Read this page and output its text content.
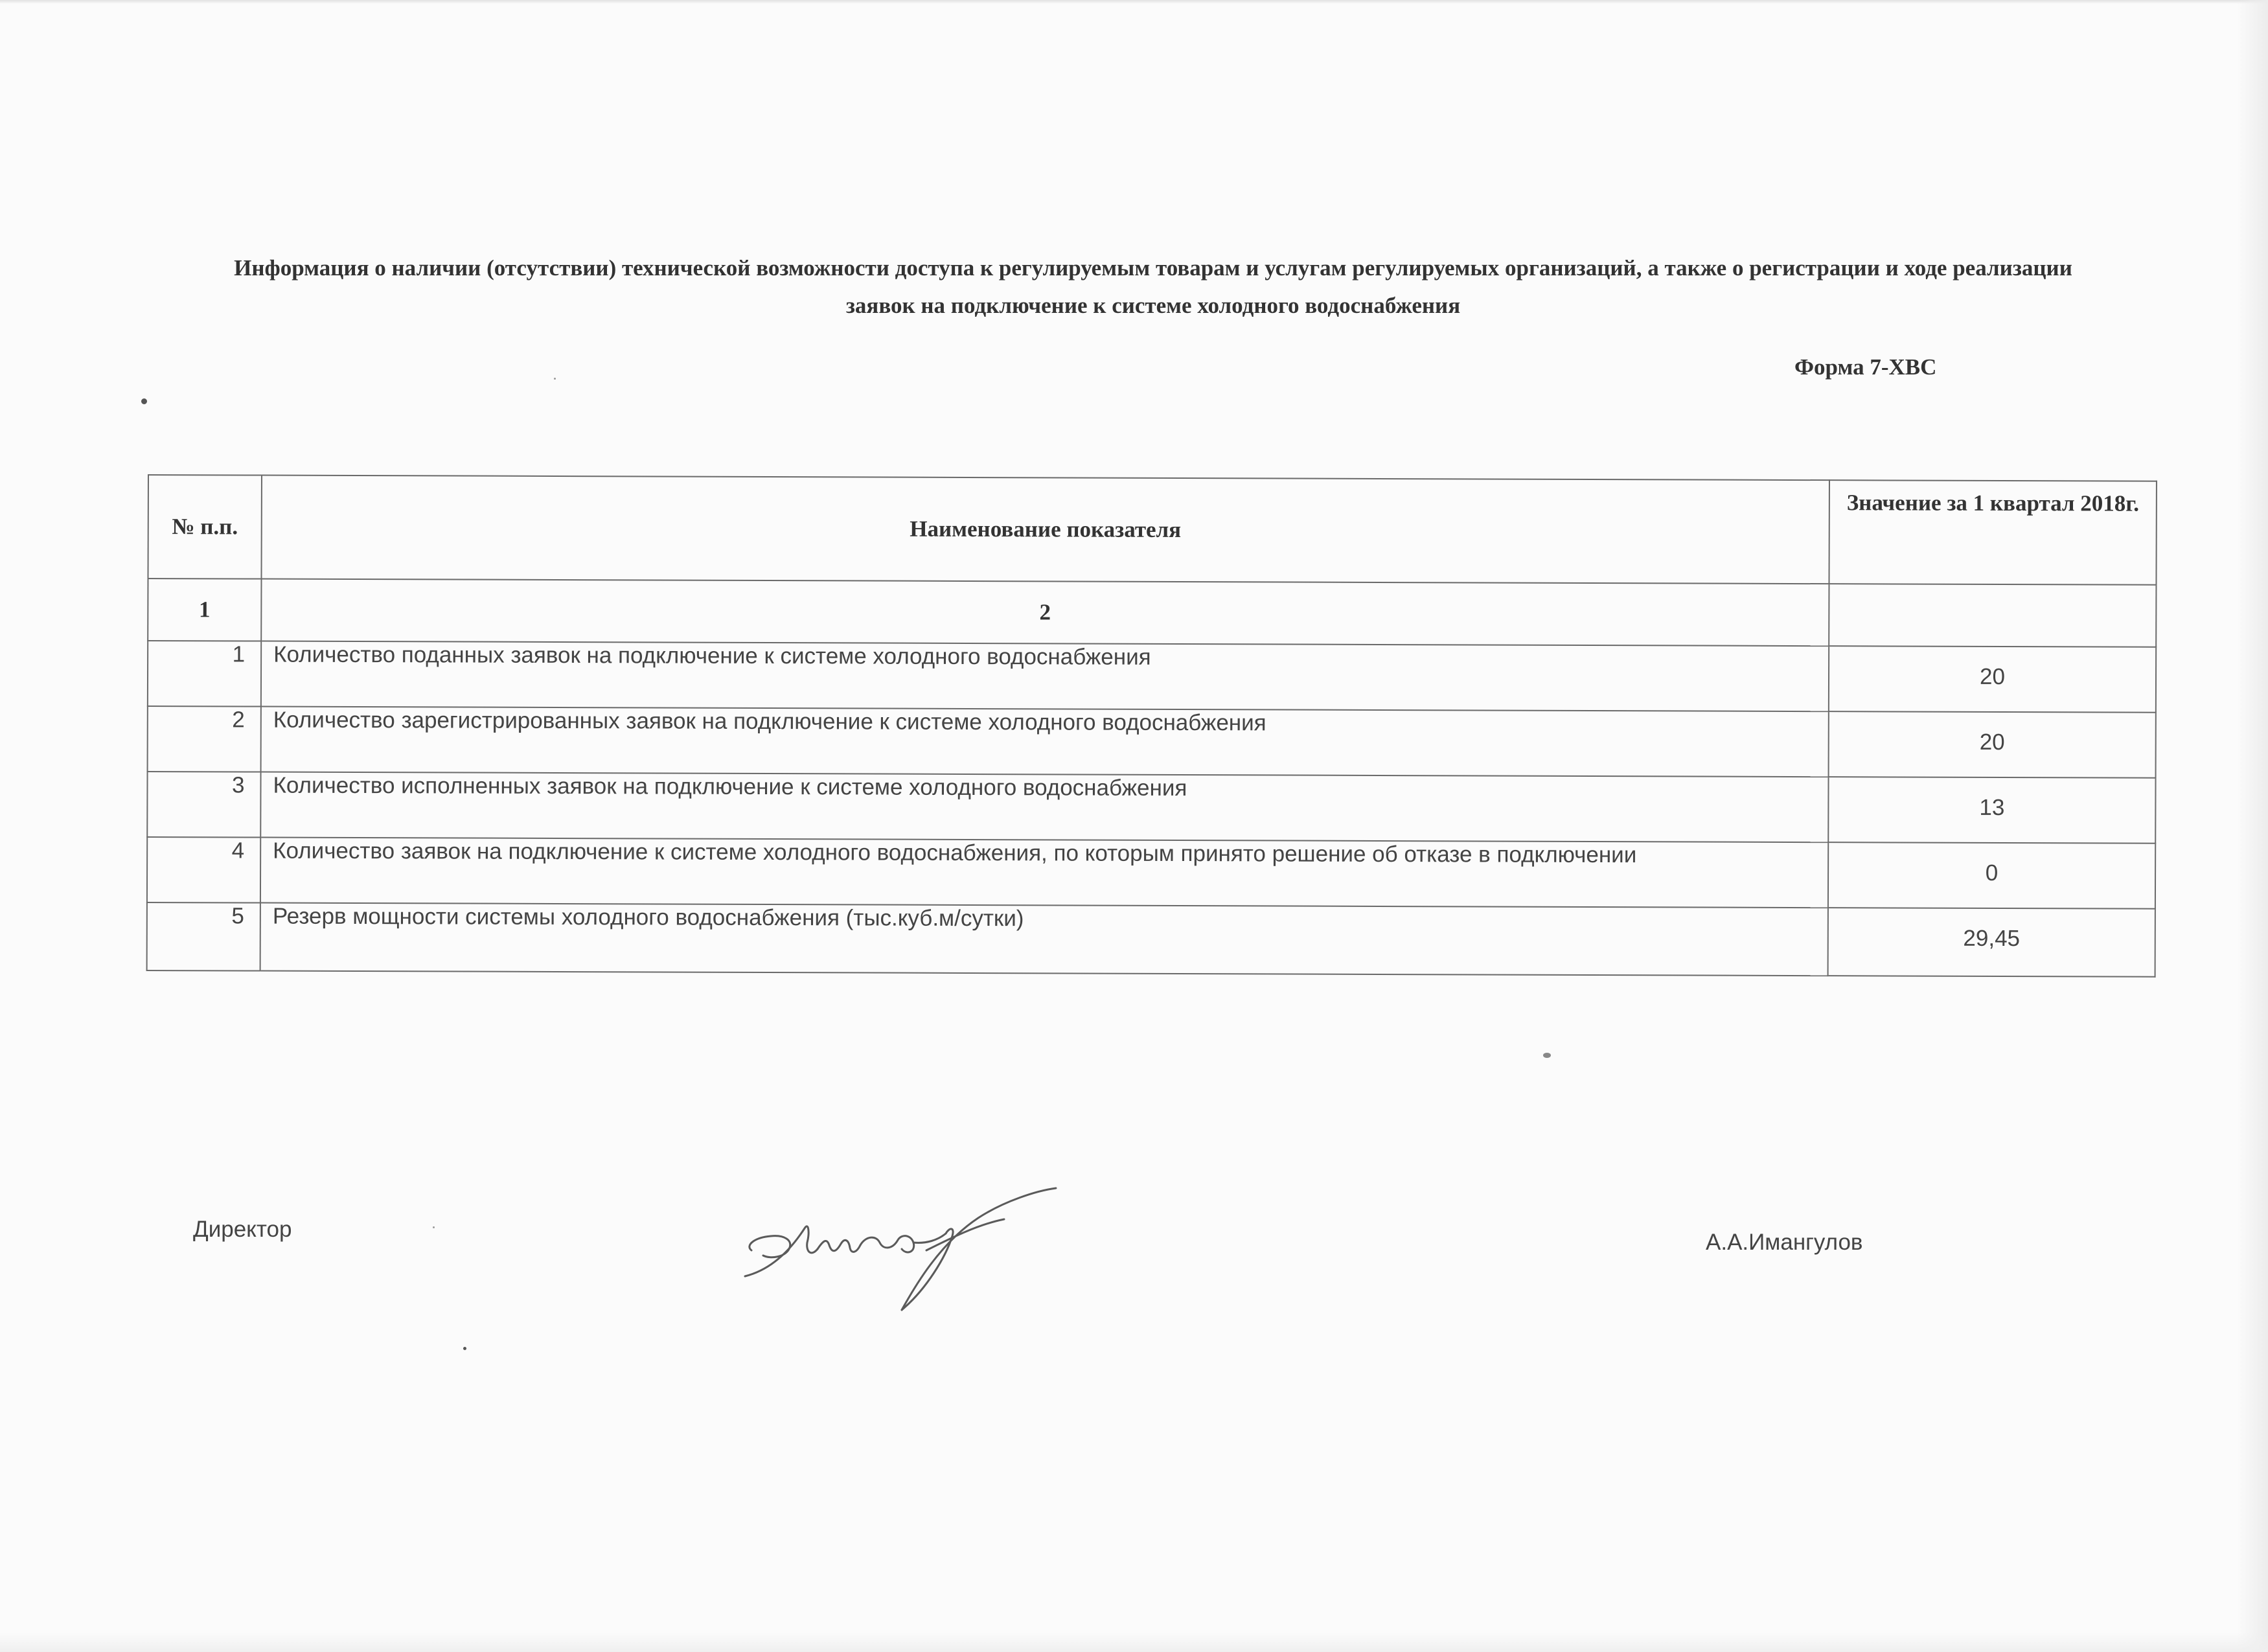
Информация о наличии (отсутствии) технической возможности доступа к регулируемым товарам и услугам регулируемых организаций, а также о регистрации и ходе реализации заявок на подключение к системе холодного водоснабжения
Форма 7-ХВС
№ п.п.	Наименование показателя	Значение за 1 квартал 2018г.
1	2	
1	Количество поданных заявок на подключение к системе холодного водоснабжения	20
2	Количество зарегистрированных заявок на подключение к системе холодного водоснабжения	20
3	Количество исполненных заявок на подключение к системе холодного водоснабжения	13
4	Количество заявок на подключение к системе холодного водоснабжения, по которым принято решение об отказе в подключении	0
5	Резерв мощности системы холодного водоснабжения (тыс.куб.м/сутки)	29,45
Директор
А.А.Имангулов
